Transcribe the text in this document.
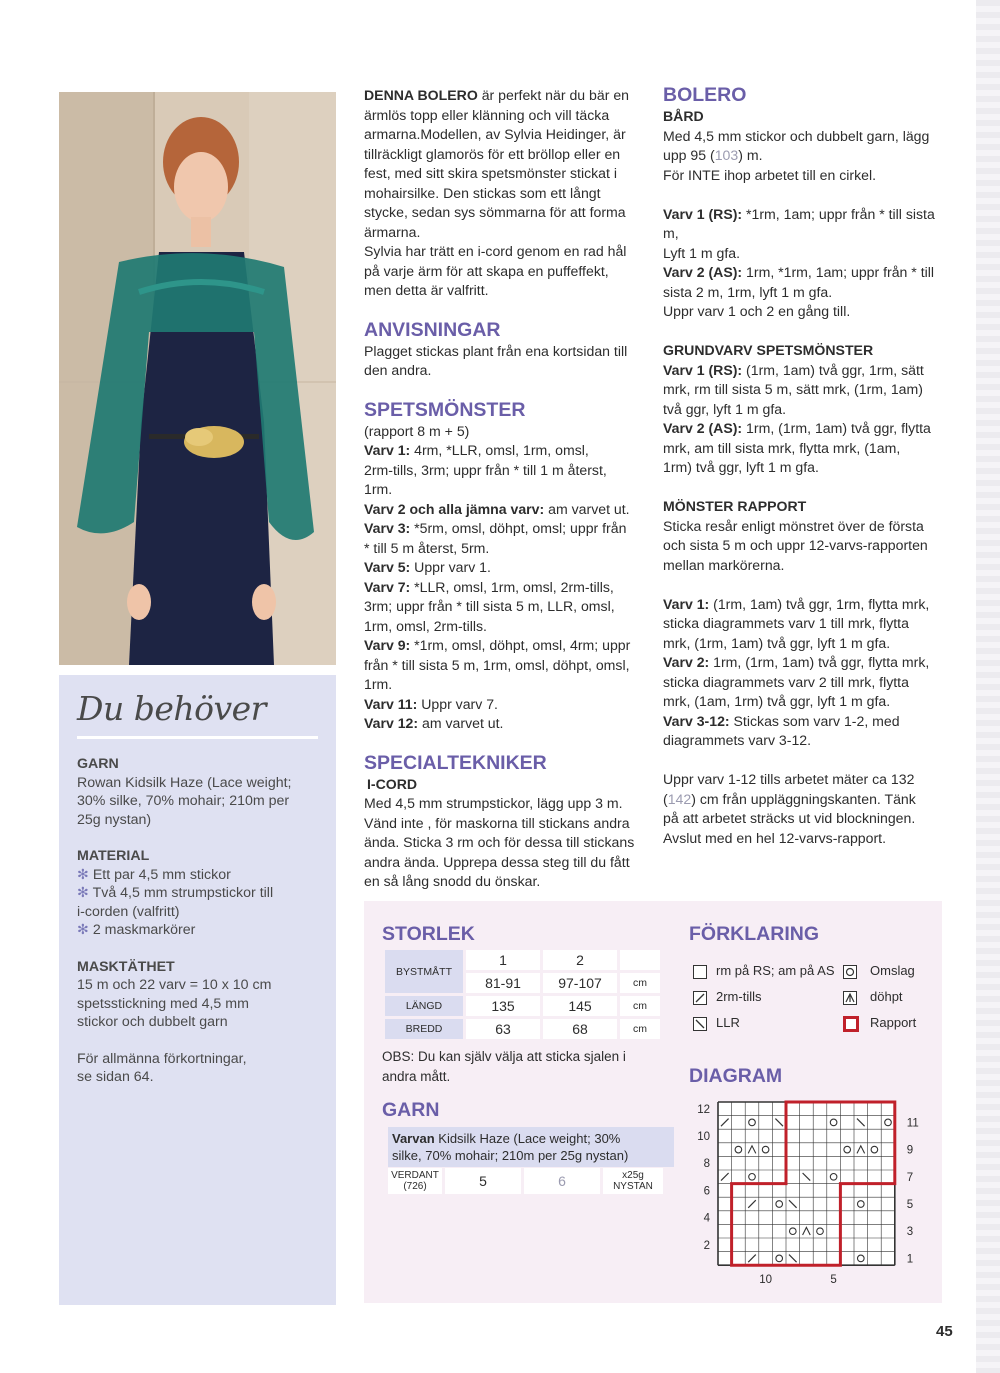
Du behöver
GARN

Rowan Kidsilk Haze (Lace weight;
30% silke, 70% mohair; 210m per
25g nystan)

MATERIAL

✻ Ett par 4,5 mm stickor
✻ Två 4,5 mm strumpstickor till
i-corden (valfritt)
✻ 2 maskmarkörer

MASKTÄTHET

15 m och 22 varv = 10 x 10 cm
spetsstickning med 4,5 mm
stickor och dubbelt garn

För allmänna förkortningar,
se sidan 64.

DENNA BOLERO är perfekt när du bär en
ärmlös topp eller klänning och vill täcka
armarna.Modellen, av Sylvia Heidinger, är
tillräckligt glamorös för ett bröllop eller en
fest, med sitt skira spetsmönster stickat i
mohairsilke. Den stickas som ett långt
stycke, sedan sys sömmarna för att forma
ärmarna.
Sylvia har trätt en i-cord genom en rad hål
på varje ärm för att skapa en puffeffekt,
men detta är valfritt.

ANVISNINGAR

Plagget stickas plant från ena kortsidan till
den andra.

SPETSMÖNSTER

(rapport 8 m + 5)
Varv 1: 4rm, *LLR, omsl, 1rm, omsl,
2rm-tills, 3rm; uppr från * till 1 m återst,
1rm.
Varv 2 och alla jämna varv: am varvet ut.
Varv 3: *5rm, omsl, döhpt, omsl; uppr från
* till 5 m återst, 5rm.
Varv 5: Uppr varv 1.
Varv 7: *LLR, omsl, 1rm, omsl, 2rm-tills,
3rm; uppr från * till sista 5 m, LLR, omsl,
1rm, omsl, 2rm-tills.
Varv 9: *1rm, omsl, döhpt, omsl, 4rm; uppr
från * till sista 5 m, 1rm, omsl, döhpt, omsl,
1rm.
Varv 11: Uppr varv 7.
Varv 12: am varvet ut.

SPECIALTEKNIKER

I-CORD

Med 4,5 mm strumpstickor, lägg upp 3 m.
Vänd inte , för maskorna till stickans andra
ända. Sticka 3 rm och för dessa till stickans
andra ända. Upprepa dessa steg till du fått
en så lång snodd du önskar.

BOLERO

BÅRD

Med 4,5 mm stickor och dubbelt garn, lägg
upp 95 (103) m.
För INTE ihop arbetet till en cirkel.

Varv 1 (RS): *1rm, 1am; uppr från * till sista
m,
Lyft 1 m gfa.
Varv 2 (AS): 1rm, *1rm, 1am; uppr från * till
sista 2 m, 1rm, lyft 1 m gfa.
Uppr varv 1 och 2 en gång till.

GRUNDVARV SPETSMÖNSTER

Varv 1 (RS): (1rm, 1am) två ggr, 1rm, sätt
mrk, rm till sista 5 m, sätt mrk, (1rm, 1am)
två ggr, lyft 1 m gfa.
Varv 2 (AS): 1rm, (1rm, 1am) två ggr, flytta
mrk, am till sista mrk, flytta mrk, (1am,
1rm) två ggr, lyft 1 m gfa.

MÖNSTER RAPPORT

Sticka resår enligt mönstret över de första
och sista 5 m och uppr 12-varvs-rapporten
mellan markörerna.

Varv 1: (1rm, 1am) två ggr, 1rm, flytta mrk,
sticka diagrammets varv 1 till mrk, flytta
mrk, (1rm, 1am) två ggr, lyft 1 m gfa.
Varv 2: 1rm, (1rm, 1am) två ggr, flytta mrk,
sticka diagrammets varv 2 till mrk, flytta
mrk, (1am, 1rm) två ggr, lyft 1 m gfa.
Varv 3-12: Stickas som varv 1-2, med
diagrammets varv 3-12.

Uppr varv 1-12 tills arbetet mäter ca 132
(142) cm från uppläggningskanten. Tänk
på att arbetet sträcks ut vid blockningen.
Avslut med en hel 12-varvs-rapport.

STORLEK
BYSTMÅTT	1	2	
	81-91	97-107	cm
LÄNGD	135	145	cm
BREDD	63	68	cm
OBS: Du kan själv välja att sticka sjalen i
andra mått.
GARN
Varvan Kidsilk Haze (Lace weight; 30%
silke, 70% mohair; 210m per 25g nystan)
VERDANT
(726)	5	6	x25g
NYSTAN
FÖRKLARING
rm på RS; am på AS
2rm-tills
LLR
Omslag
döhpt
Rapport
DIAGRAM
12
10
8
6
4
2
11
9
7
5
3
1
10	5
45
